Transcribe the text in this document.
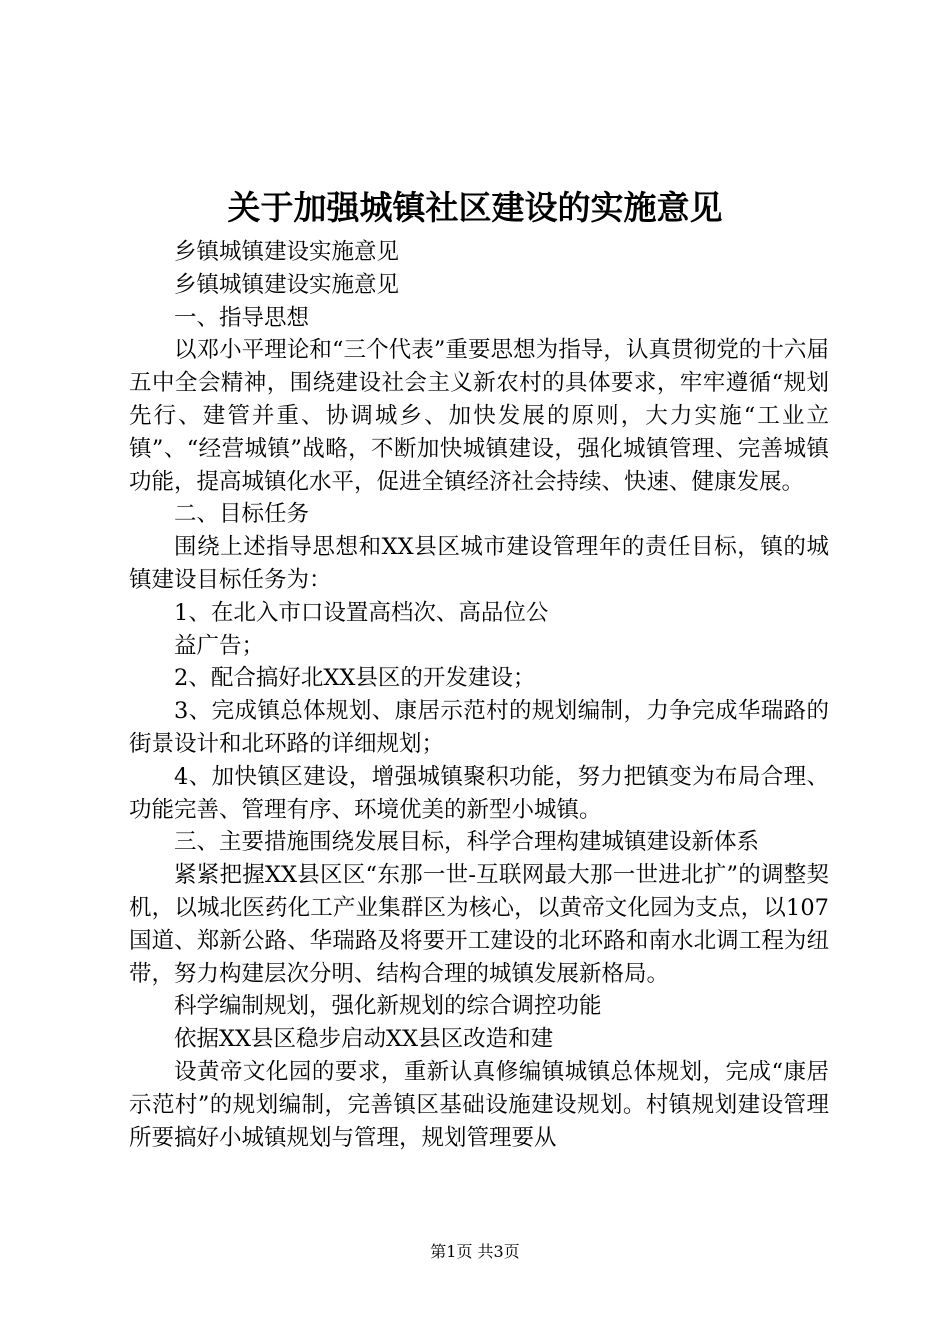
关于加强城镇社区建设的实施意见

乡镇城镇建设实施意见

乡镇城镇建设实施意见

一、指导思想

以邓小平理论和“三个代表”重要思想为指导，认真贯彻党的十六届五中全会精神，围绕建设社会主义新农村的具体要求，牢牢遵循“规划先行、建管并重、协调城乡、加快发展的原则，大力实施“工业立镇”、“经营城镇”战略，不断加快城镇建设，强化城镇管理、完善城镇功能，提高城镇化水平，促进全镇经济社会持续、快速、健康发展。

二、目标任务

围绕上述指导思想和XX县区城市建设管理年的责任目标，镇的城镇建设目标任务为：

1、在北入市口设置高档次、高品位公

益广告；

2、配合搞好北XX县区的开发建设；

3、完成镇总体规划、康居示范村的规划编制，力争完成华瑞路的街景设计和北环路的详细规划；

4、加快镇区建设，增强城镇聚积功能，努力把镇变为布局合理、功能完善、管理有序、环境优美的新型小城镇。

三、主要措施围绕发展目标，科学合理构建城镇建设新体系

紧紧把握XX县区区“东那一世-互联网最大那一世进北扩”的调整契机，以城北医药化工产业集群区为核心，以黄帝文化园为支点，以107国道、郑新公路、华瑞路及将要开工建设的北环路和南水北调工程为纽带，努力构建层次分明、结构合理的城镇发展新格局。

科学编制规划，强化新规划的综合调控功能

依据XX县区稳步启动XX县区改造和建

设黄帝文化园的要求，重新认真修编镇城镇总体规划，完成“康居示范村”的规划编制，完善镇区基础设施建设规划。村镇规划建设管理所要搞好小城镇规划与管理，规划管理要从

第1页 共3页
